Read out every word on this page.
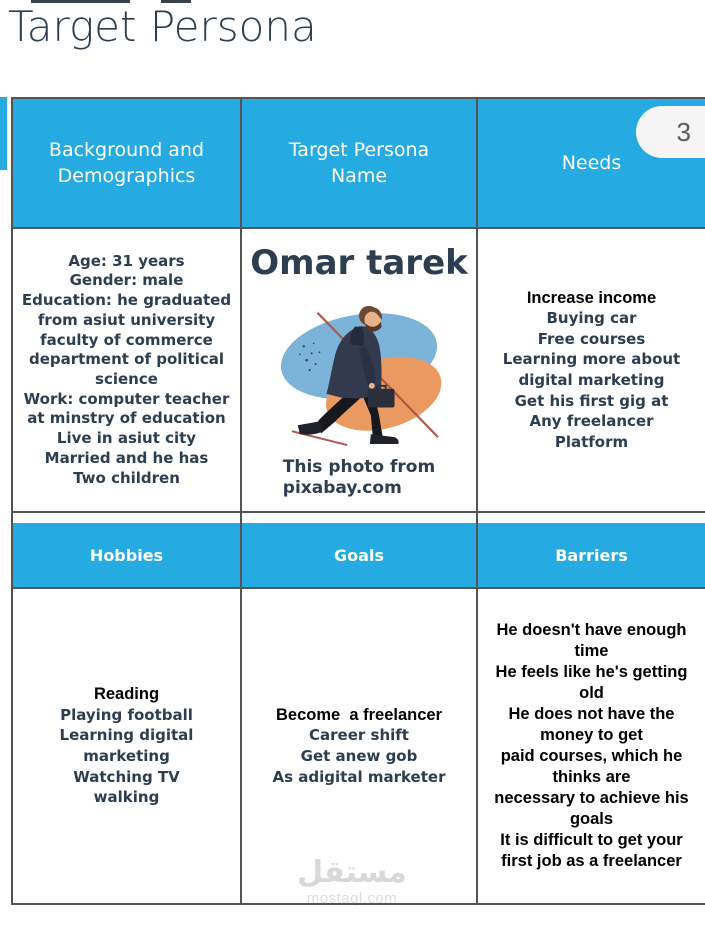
Target Persona
مستقل
mostaql.com
Background and Demographics
Target Persona Name
Needs
Age: 31 years
Gender: male
Education: he graduated
from asiut university
faculty of commerce
department of political
science
Work: computer teacher
at minstry of education
Live in asiut city
Married and he has
Two children
Omar tarek
This photo from
pixabay.com
Increase income
Buying car
Free courses
Learning more about
digital marketing
Get his first gig at
Any freelancer
Platform
Hobbies	Goals	Barriers
Reading
Playing football
Learning digital
marketing
Watching TV
walking
Become  a freelancer
Career shift
Get anew gob
As adigital marketer
He doesn't have enough
time
He feels like he's getting
old
He does not have the
money to get
paid courses, which he
thinks are
necessary to achieve his
goals
It is difficult to get your
first job as a freelancer
3
